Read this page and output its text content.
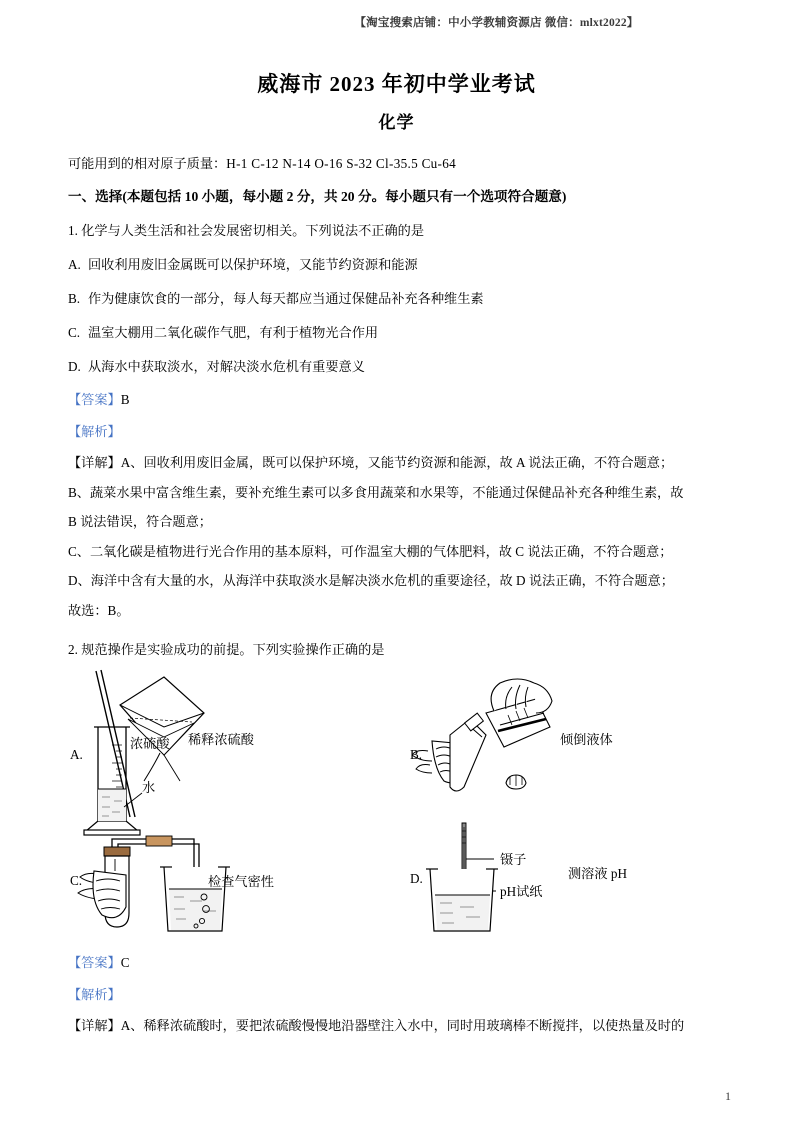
【淘宝搜索店铺：中小学教辅资源店 微信：mlxt2022】
威海市 2023 年初中学业考试
化学
可能用到的相对原子质量：H-1 C-12 N-14 O-16 S-32 Cl-35.5 Cu-64
一、选择(本题包括 10 小题，每小题 2 分，共 20 分。每小题只有一个选项符合题意)
1. 化学与人类生活和社会发展密切相关。下列说法不正确的是
A. 回收利用废旧金属既可以保护环境，又能节约资源和能源
B. 作为健康饮食的一部分，每人每天都应当通过保健品补充各种维生素
C. 温室大棚用二氧化碳作气肥，有利于植物光合作用
D. 从海水中获取淡水，对解决淡水危机有重要意义
【答案】B
【解析】
【详解】A、回收利用废旧金属，既可以保护环境，又能节约资源和能源，故 A 说法正确，不符合题意；
B、蔬菜水果中富含维生素，要补充维生素可以多食用蔬菜和水果等，不能通过保健品补充各种维生素，故
B 说法错误，符合题意；
C、二氧化碳是植物进行光合作用的基本原料，可作温室大棚的气体肥料，故 C 说法正确，不符合题意；
D、海洋中含有大量的水，从海洋中获取淡水是解决淡水危机的重要途径，故 D 说法正确，不符合题意；
故选：B。
2. 规范操作是实验成功的前提。下列实验操作正确的是
A.
浓硫酸 稀释浓硫酸
水
B.
倾倒液体
C.	检查气密性	D.
镊子
pH试纸
测溶液 pH
【答案】C
【解析】
【详解】A、稀释浓硫酸时，要把浓硫酸慢慢地沿器壁注入水中，同时用玻璃棒不断搅拌，以使热量及时的
1
